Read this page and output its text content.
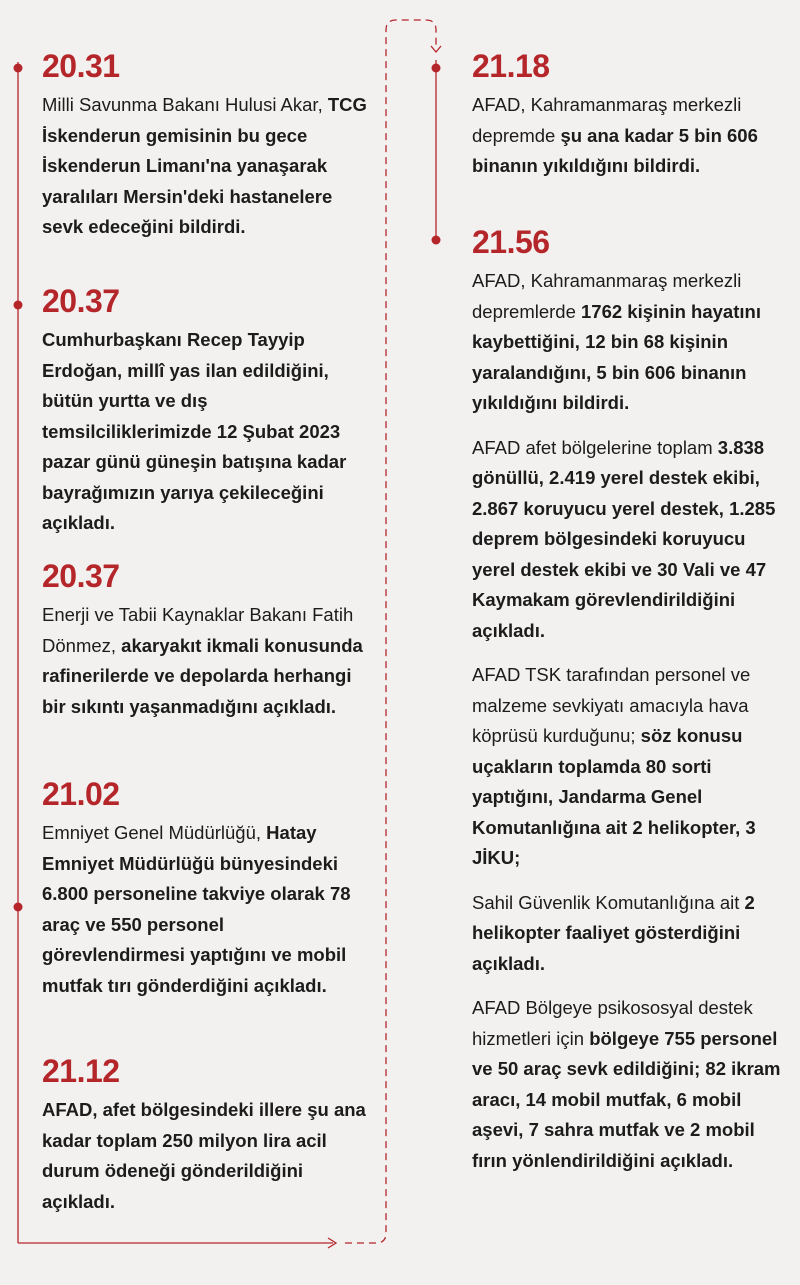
20.31
Milli Savunma Bakanı Hulusi Akar, TCG İskenderun gemisinin bu gece İskenderun Limanı'na yanaşarak yaralıları Mersin'deki hastanelere sevk edeceğini bildirdi.
20.37
Cumhurbaşkanı Recep Tayyip Erdoğan, millî yas ilan edildiğini, bütün yurtta ve dış temsilciliklerimizde 12 Şubat 2023 pazar günü güneşin batışına kadar bayrağımızın yarıya çekileceğini açıkladı.
20.37
Enerji ve Tabii Kaynaklar Bakanı Fatih Dönmez, akaryakıt ikmali konusunda rafinerilerde ve depolarda herhangi bir sıkıntı yaşanmadığını açıkladı.
21.02
Emniyet Genel Müdürlüğü, Hatay Emniyet Müdürlüğü bünyesindeki 6.800 personeline takviye olarak 78 araç ve 550 personel görevlendirmesi yaptığını ve mobil mutfak tırı gönderdiğini açıkladı.
21.12
AFAD, afet bölgesindeki illere şu ana kadar toplam 250 milyon lira acil durum ödeneği gönderildiğini açıkladı.
21.18
AFAD, Kahramanmaraş merkezli depremde şu ana kadar 5 bin 606 binanın yıkıldığını bildirdi.
21.56
AFAD, Kahramanmaraş merkezli depremlerde 1762 kişinin hayatını kaybettiğini, 12 bin 68 kişinin yaralandığını, 5 bin 606 binanın yıkıldığını bildirdi.
AFAD afet bölgelerine toplam 3.838 gönüllü, 2.419 yerel destek ekibi, 2.867 koruyucu yerel destek, 1.285 deprem bölgesindeki koruyucu yerel destek ekibi ve 30 Vali ve 47 Kaymakam görevlendirildiğini açıkladı.
AFAD TSK tarafından personel ve malzeme sevkiyatı amacıyla hava köprüsü kurduğunu; söz konusu uçakların toplamda 80 sorti yaptığını, Jandarma Genel Komutanlığına ait 2 helikopter, 3 JİKU;
Sahil Güvenlik Komutanlığına ait 2 helikopter faaliyet gösterdiğini açıkladı.
AFAD Bölgeye psikososyal destek hizmetleri için bölgeye 755 personel ve 50 araç sevk edildiğini; 82 ikram aracı, 14 mobil mutfak, 6 mobil aşevi, 7 sahra mutfak ve 2 mobil fırın yönlendirildiğini açıkladı.
